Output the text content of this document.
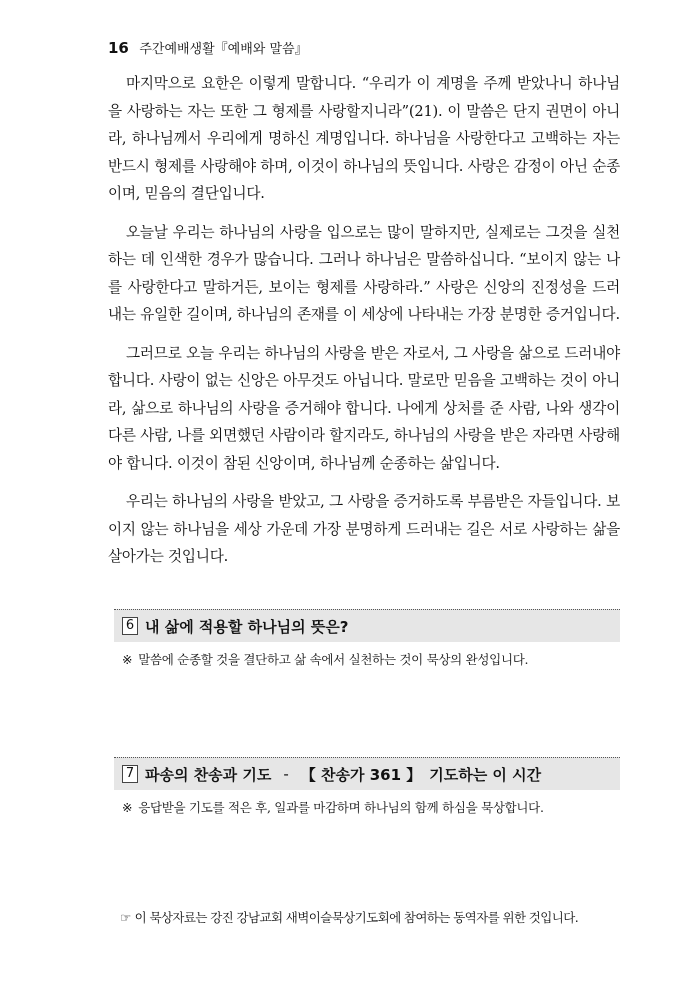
16 주간예배생활『예배와 말씀』

마지막으로 요한은 이렇게 말합니다. “우리가 이 계명을 주께 받았나니 하나님을 사랑하는 자는 또한 그 형제를 사랑할지니라”(21). 이 말씀은 단지 권면이 아니라, 하나님께서 우리에게 명하신 계명입니다. 하나님을 사랑한다고 고백하는 자는 반드시 형제를 사랑해야 하며, 이것이 하나님의 뜻입니다. 사랑은 감정이 아닌 순종이며, 믿음의 결단입니다.

오늘날 우리는 하나님의 사랑을 입으로는 많이 말하지만, 실제로는 그것을 실천하는 데 인색한 경우가 많습니다. 그러나 하나님은 말씀하십니다. “보이지 않는 나를 사랑한다고 말하거든, 보이는 형제를 사랑하라.” 사랑은 신앙의 진정성을 드러내는 유일한 길이며, 하나님의 존재를 이 세상에 나타내는 가장 분명한 증거입니다.

그러므로 오늘 우리는 하나님의 사랑을 받은 자로서, 그 사랑을 삶으로 드러내야 합니다. 사랑이 없는 신앙은 아무것도 아닙니다. 말로만 믿음을 고백하는 것이 아니라, 삶으로 하나님의 사랑을 증거해야 합니다. 나에게 상처를 준 사람, 나와 생각이 다른 사람, 나를 외면했던 사람이라 할지라도, 하나님의 사랑을 받은 자라면 사랑해야 합니다. 이것이 참된 신앙이며, 하나님께 순종하는 삶입니다.

우리는 하나님의 사랑을 받았고, 그 사랑을 증거하도록 부름받은 자들입니다. 보이지 않는 하나님을 세상 가운데 가장 분명하게 드러내는 길은 서로 사랑하는 삶을 살아가는 것입니다.

6 내 삶에 적용할 하나님의 뜻은?
※ 말씀에 순종할 것을 결단하고 삶 속에서 실천하는 것이 묵상의 완성입니다.
7 파송의 찬송과 기도 - 【 찬송가 361 】 기도하는 이 시간
※ 응답받을 기도를 적은 후, 일과를 마감하며 하나님의 함께 하심을 묵상합니다.
☞ 이 묵상자료는 강진 강남교회 새벽이슬묵상기도회에 참여하는 동역자를 위한 것입니다.
